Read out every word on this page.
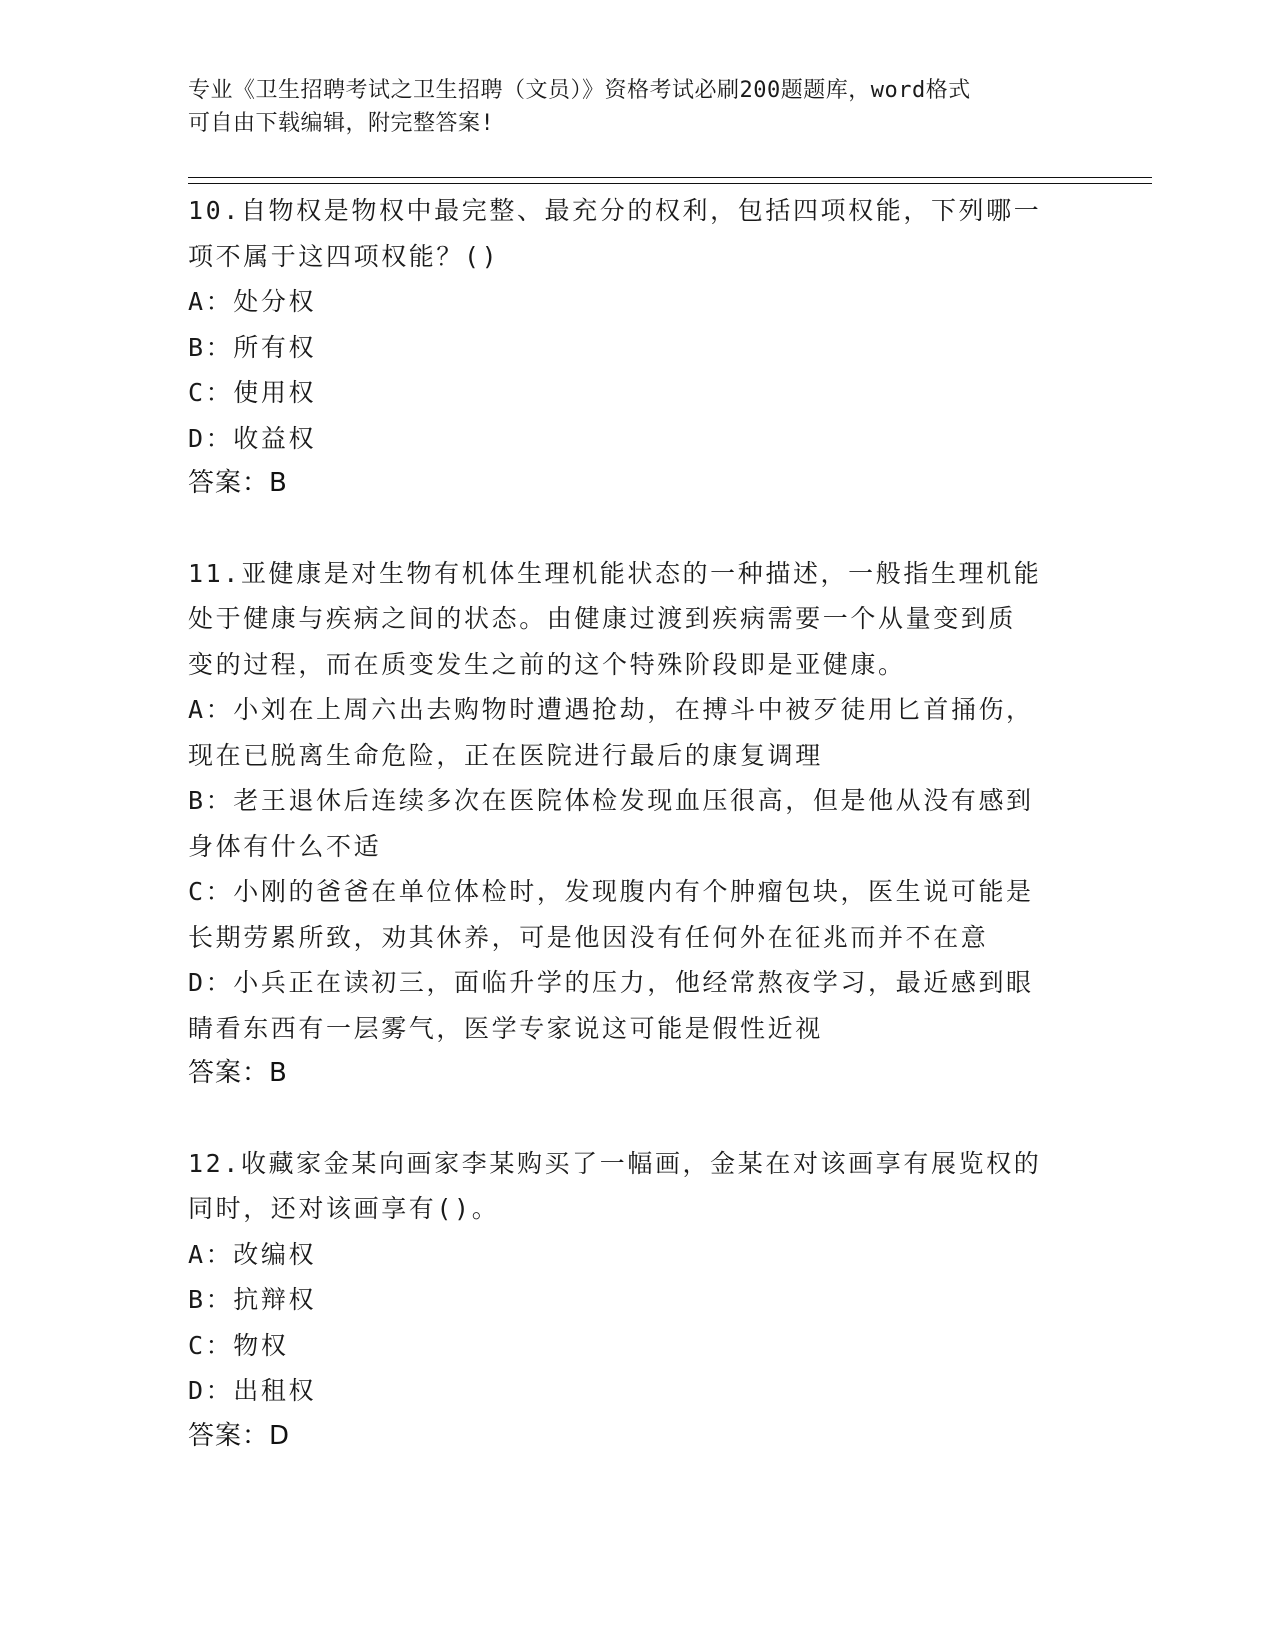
专业《卫生招聘考试之卫生招聘（文员）》资格考试必刷200题题库，word格式
可自由下载编辑，附完整答案!
10.自物权是物权中最完整、最充分的权利，包括四项权能，下列哪一
项不属于这四项权能？()
A：处分权
B：所有权
C：使用权
D：收益权
答案：B
11.亚健康是对生物有机体生理机能状态的一种描述，一般指生理机能
处于健康与疾病之间的状态。由健康过渡到疾病需要一个从量变到质
变的过程，而在质变发生之前的这个特殊阶段即是亚健康。
A：小刘在上周六出去购物时遭遇抢劫，在搏斗中被歹徒用匕首捅伤，
现在已脱离生命危险，正在医院进行最后的康复调理
B：老王退休后连续多次在医院体检发现血压很高，但是他从没有感到
身体有什么不适
C：小刚的爸爸在单位体检时，发现腹内有个肿瘤包块，医生说可能是
长期劳累所致，劝其休养，可是他因没有任何外在征兆而并不在意
D：小兵正在读初三，面临升学的压力，他经常熬夜学习，最近感到眼
睛看东西有一层雾气，医学专家说这可能是假性近视
答案：B
12.收藏家金某向画家李某购买了一幅画，金某在对该画享有展览权的
同时，还对该画享有()。
A：改编权
B：抗辩权
C：物权
D：出租权
答案：D
